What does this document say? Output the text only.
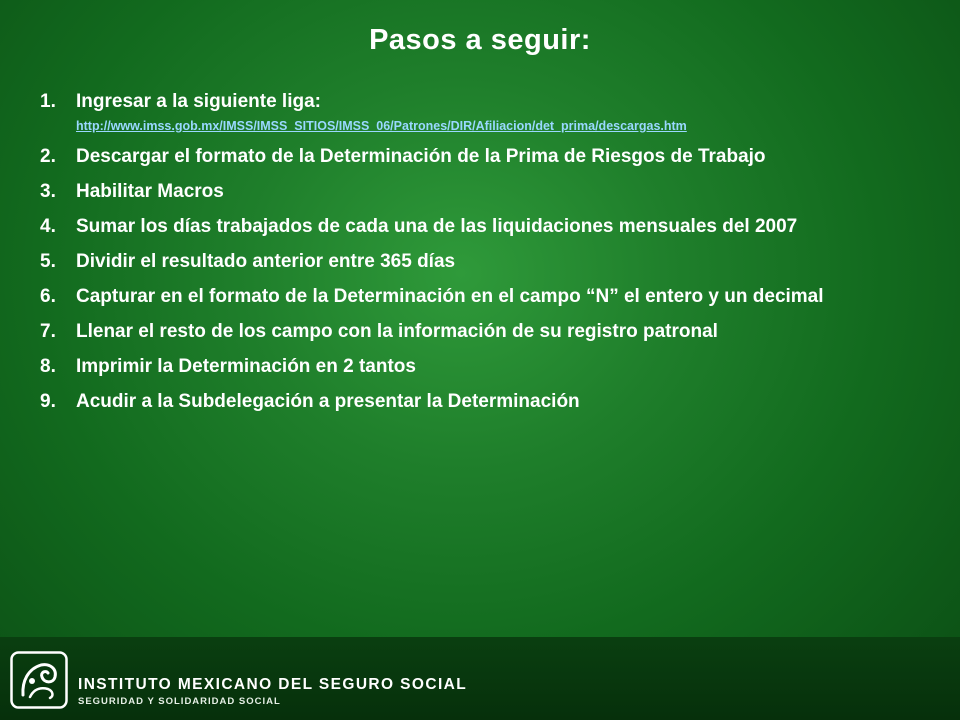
Pasos a seguir:
1.	Ingresar a la siguiente liga:
http://www.imss.gob.mx/IMSS/IMSS_SITIOS/IMSS_06/Patrones/DIR/Afiliacion/det_prima/descargas.htm
2.	Descargar el formato de la Determinación de la Prima de Riesgos de Trabajo
3.	Habilitar Macros
4.	Sumar los días trabajados de cada una de las liquidaciones mensuales del 2007
5.	Dividir el resultado anterior entre 365 días
6.	Capturar en el formato de la Determinación en el campo “N” el entero y un decimal
7.	Llenar el resto de los campo con la información de su registro patronal
8.	Imprimir la Determinación en 2 tantos
9.	Acudir a la Subdelegación a presentar la Determinación
INSTITUTO MEXICANO DEL SEGURO SOCIAL
SEGURIDAD Y SOLIDARIDAD SOCIAL
